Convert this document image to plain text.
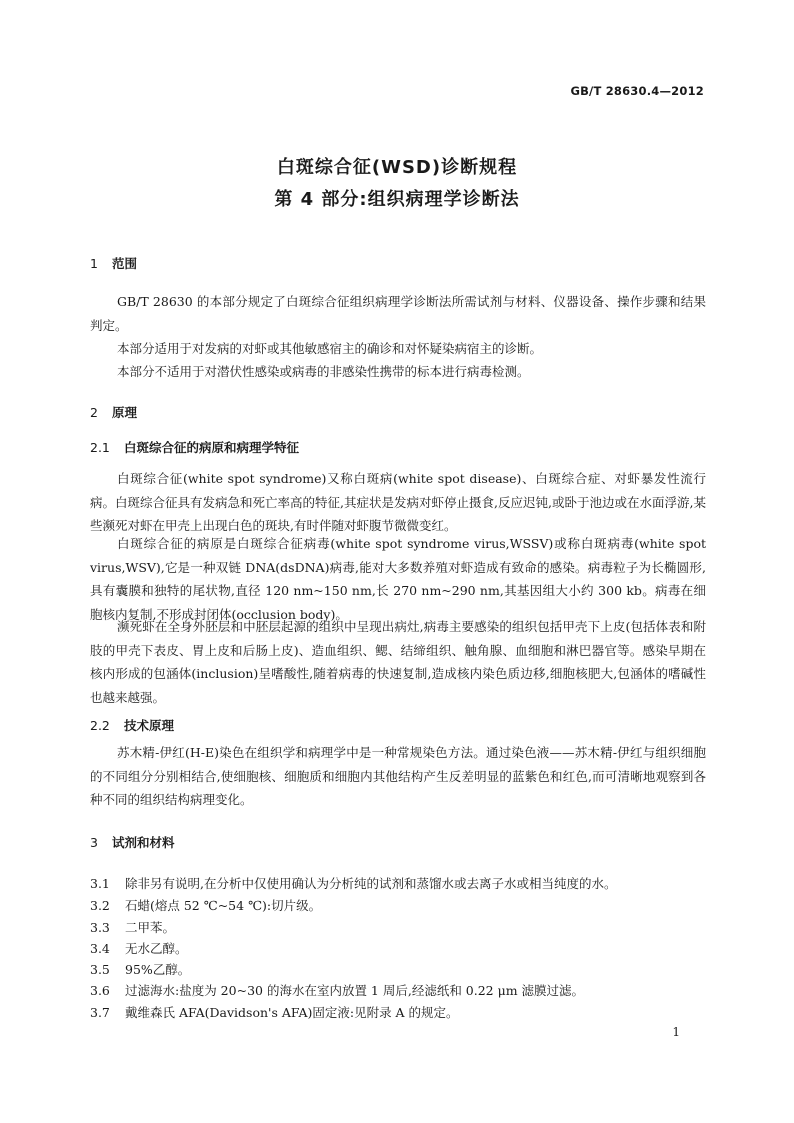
GB/T 28630.4—2012
白斑综合征(WSD)诊断规程
第 4 部分:组织病理学诊断法
1 范围

GB/T 28630 的本部分规定了白斑综合征组织病理学诊断法所需试剂与材料、仪器设备、操作步骤和结果判定。

本部分适用于对发病的对虾或其他敏感宿主的确诊和对怀疑染病宿主的诊断。

本部分不适用于对潜伏性感染或病毒的非感染性携带的标本进行病毒检测。

2 原理
2.1 白斑综合征的病原和病理学特征

白斑综合征(white spot syndrome)又称白斑病(white spot disease)、白斑综合症、对虾暴发性流行病。白斑综合征具有发病急和死亡率高的特征,其症状是发病对虾停止摄食,反应迟钝,或卧于池边或在水面浮游,某些濒死对虾在甲壳上出现白色的斑块,有时伴随对虾腹节微微变红。

白斑综合征的病原是白斑综合征病毒(white spot syndrome virus,WSSV)或称白斑病毒(white spot virus,WSV),它是一种双链 DNA(dsDNA)病毒,能对大多数养殖对虾造成有致命的感染。病毒粒子为长椭圆形,具有囊膜和独特的尾状物,直径 120 nm~150 nm,长 270 nm~290 nm,其基因组大小约 300 kb。病毒在细胞核内复制,不形成封闭体(occlusion body)。

濒死虾在全身外胚层和中胚层起源的组织中呈现出病灶,病毒主要感染的组织包括甲壳下上皮(包括体表和附肢的甲壳下表皮、胃上皮和后肠上皮)、造血组织、鳃、结缔组织、触角腺、血细胞和淋巴器官等。感染早期在核内形成的包涵体(inclusion)呈嗜酸性,随着病毒的快速复制,造成核内染色质边移,细胞核肥大,包涵体的嗜碱性也越来越强。

2.2 技术原理

苏木精-伊红(H-E)染色在组织学和病理学中是一种常规染色方法。通过染色液——苏木精-伊红与组织细胞的不同组分分别相结合,使细胞核、细胞质和细胞内其他结构产生反差明显的蓝紫色和红色,而可清晰地观察到各种不同的组织结构病理变化。

3 试剂和材料
3.1 除非另有说明,在分析中仅使用确认为分析纯的试剂和蒸馏水或去离子水或相当纯度的水。
3.2 石蜡(熔点 52 ℃~54 ℃):切片级。
3.3 二甲苯。
3.4 无水乙醇。
3.5 95%乙醇。
3.6 过滤海水:盐度为 20~30 的海水在室内放置 1 周后,经滤纸和 0.22 μm 滤膜过滤。
3.7 戴维森氏 AFA(Davidson's AFA)固定液:见附录 A 的规定。
1
